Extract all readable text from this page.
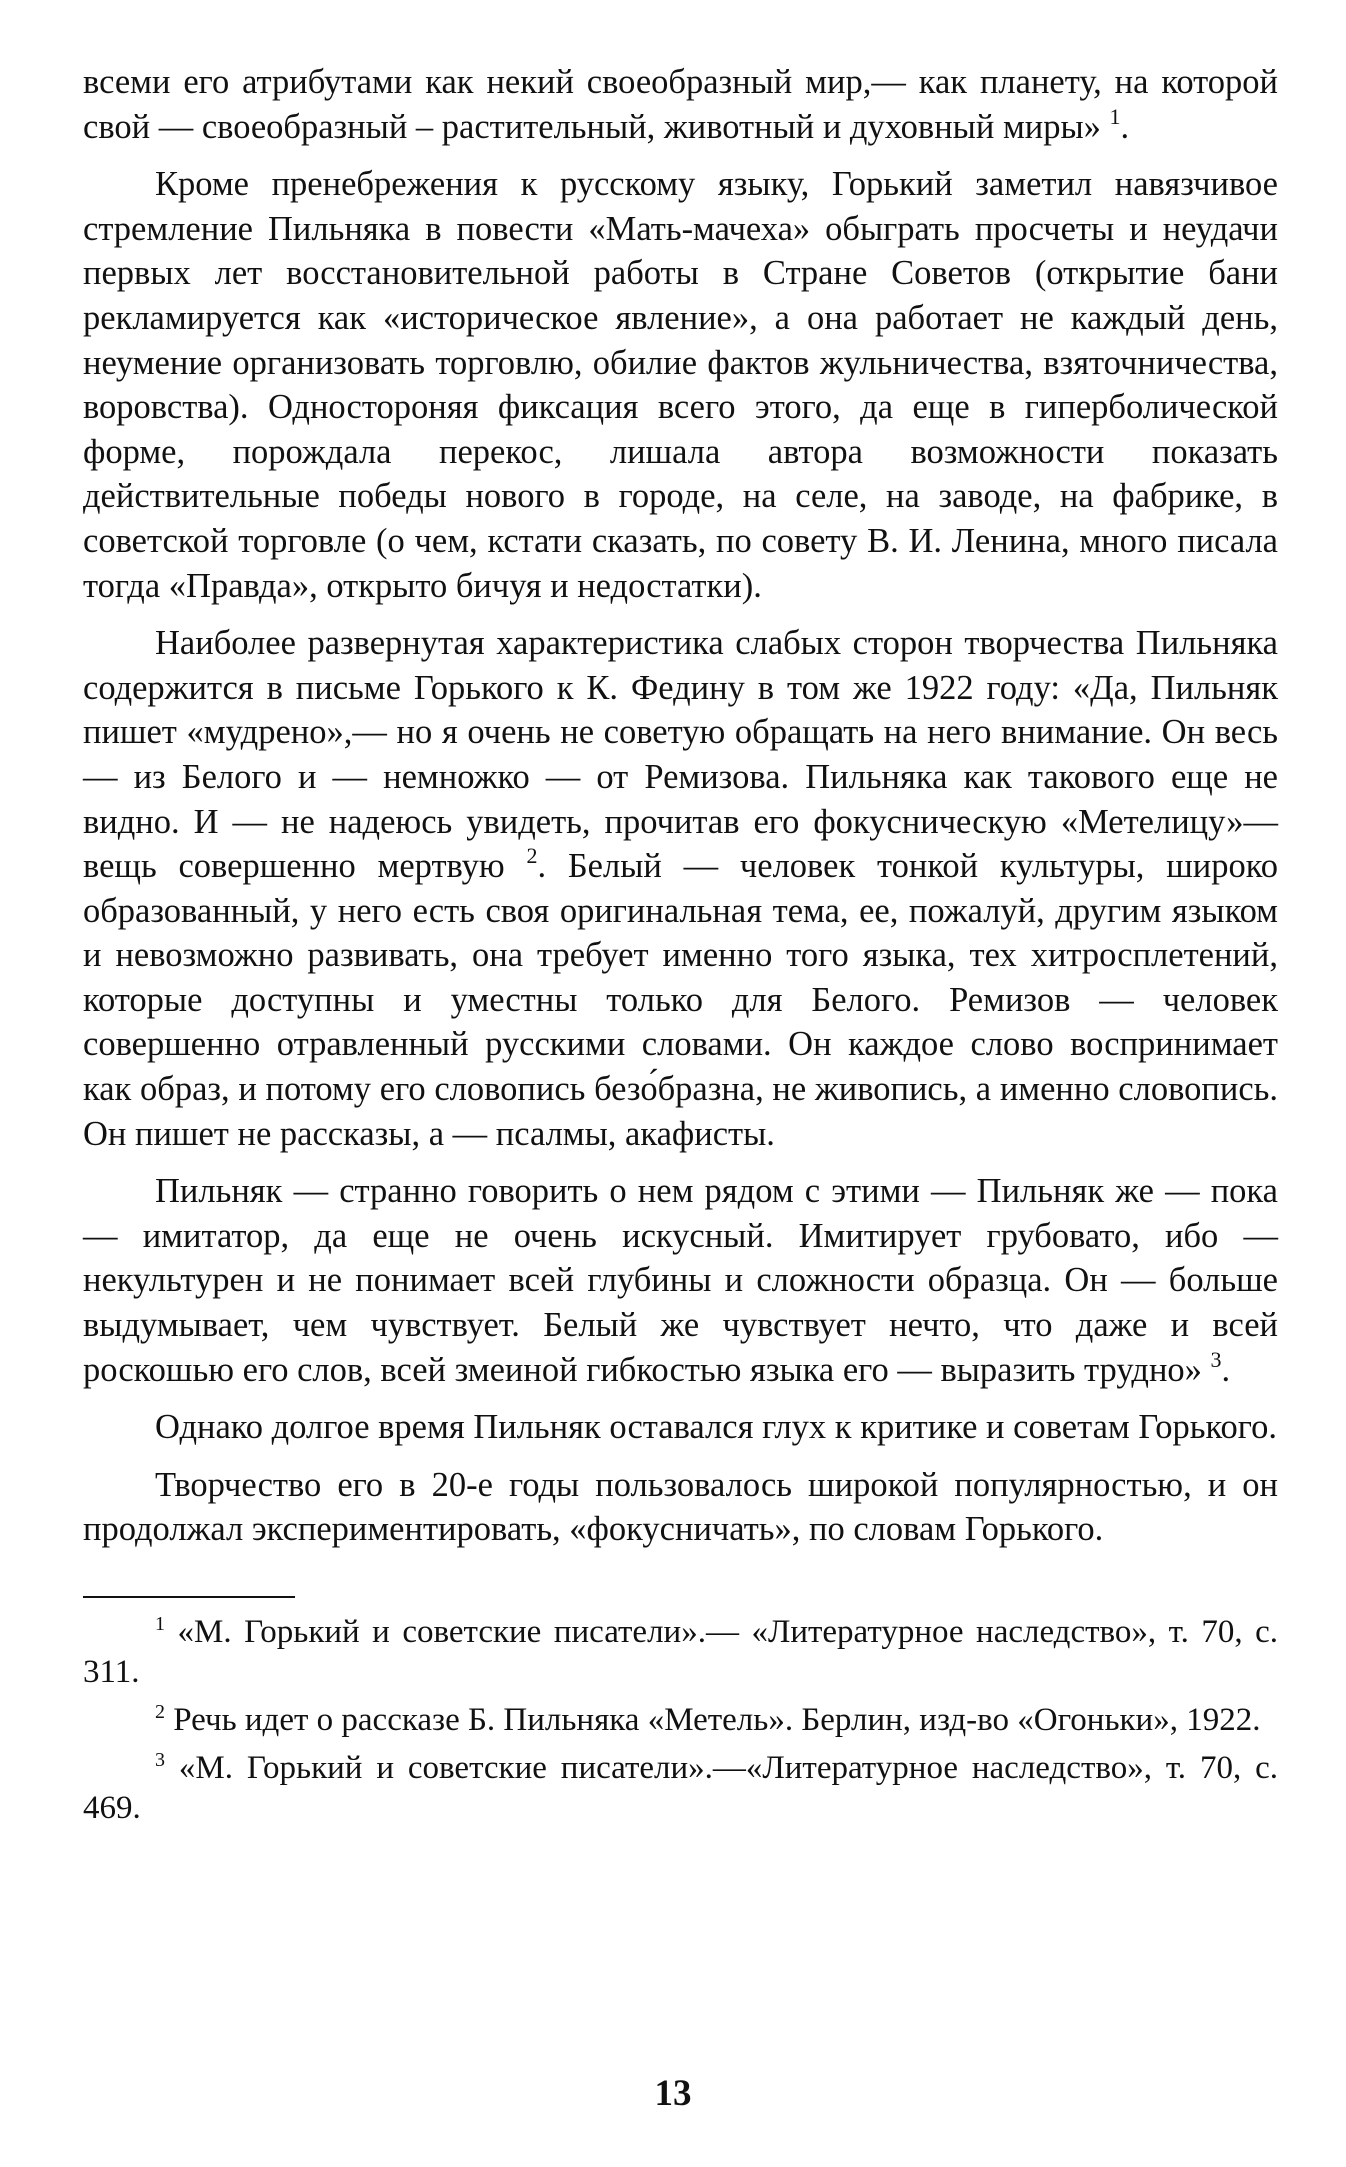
всеми его атрибутами как некий своеобразный мир,— как планету, на которой свой — своеобразный – растительный, животный и духовный миры» $^1$.

Кроме пренебрежения к русскому языку, Горький заметил навязчивое стремление Пильняка в повести «Мать-мачеха» обыграть просчеты и неудачи первых лет восстановительной работы в Стране Советов (открытие бани рекламируется как «историческое явление», а она работает не каждый день, неумение организовать торговлю, обилие фактов жульничества, взяточничества, воровства). Одностороняя фиксация всего этого, да еще в гиперболической форме, порождала перекос, лишала автора возможности показать действительные победы нового в городе, на селе, на заводе, на фабрике, в советской торговле (о чем, кстати сказать, по совету В. И. Ленина, много писала тогда «Правда», открыто бичуя и недостатки).

Наиболее развернутая характеристика слабых сторон творчества Пильняка содержится в письме Горького к К. Федину в том же 1922 году: «Да, Пильняк пишет «мудрено»,— но я очень не советую обращать на него внимание. Он весь — из Белого и — немножко — от Ремизова. Пильняка как такового еще не видно. И — не надеюсь увидеть, прочитав его фокусническую «Метелицу»— вещь совершенно мертвую $^2$. Белый — человек тонкой культуры, широко образованный, у него есть своя оригинальная тема, ее, пожалуй, другим языком и невозможно развивать, она требует именно того языка, тех хитросплетений, которые доступны и уместны только для Белого. Ремизов — человек совершенно отравленный русскими словами. Он каждое слово воспринимает как образ, и потому его словопись безо́бразна, не живопись, а именно словопись. Он пишет не рассказы, а — псалмы, акафисты.

Пильняк — странно говорить о нем рядом с этими — Пильняк же — пока — имитатор, да еще не очень искусный. Имитирует грубовато, ибо — некультурен и не понимает всей глубины и сложности образца. Он — больше выдумывает, чем чувствует. Белый же чувствует нечто, что даже и всей роскошью его слов, всей змеиной гибкостью языка его — выразить трудно» $^3$.

Однако долгое время Пильняк оставался глух к критике и советам Горького.

Творчество его в 20-е годы пользовалось широкой популярностью, и он продолжал экспериментировать, «фокусничать», по словам Горького.

$^1$ «М. Горький и советские писатели».— «Литературное наследство», т. 70, с. 311.

$^2$ Речь идет о рассказе Б. Пильняка «Метель». Берлин, изд-во «Огоньки», 1922.

$^3$ «М. Горький и советские писатели».—«Литературное наследство», т. 70, с. 469.

13
